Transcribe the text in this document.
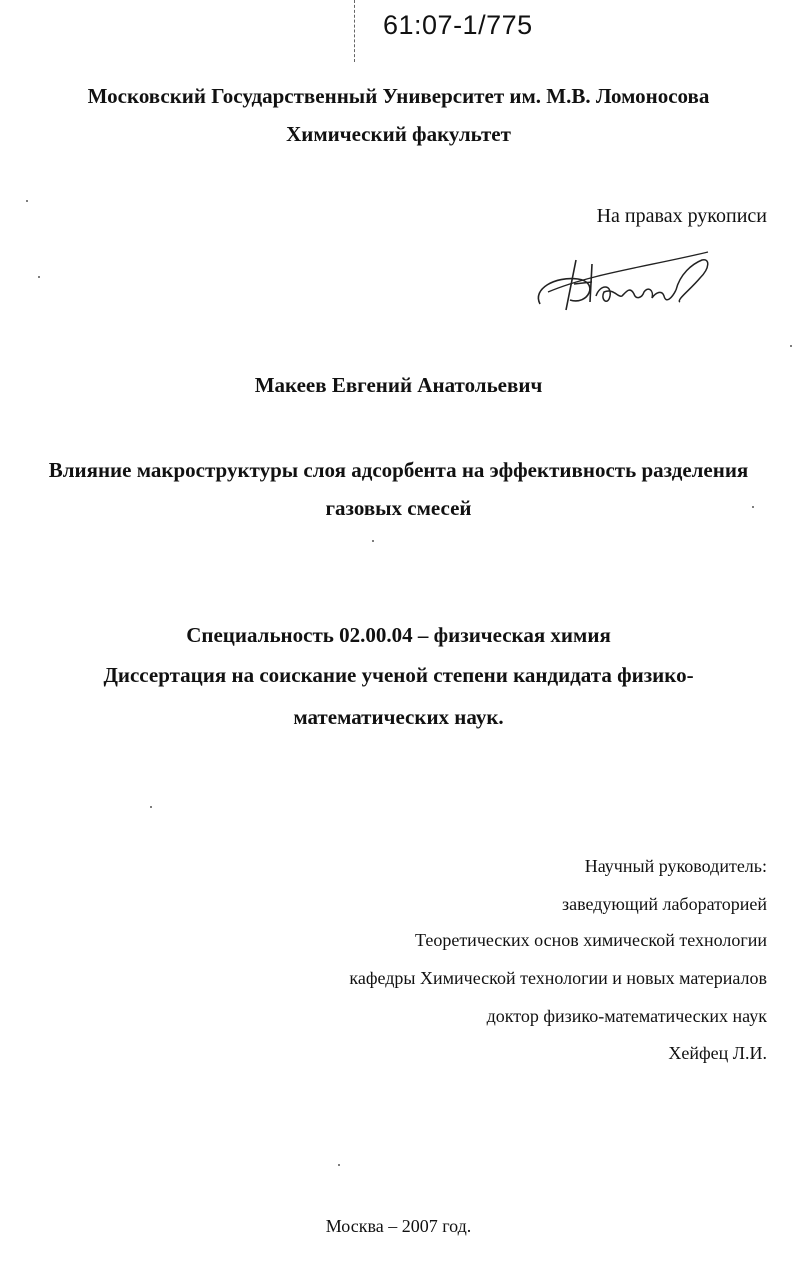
61:07-1/775
Московский Государственный Университет им. М.В. Ломоносова
Химический факультет
На правах рукописи
Макеев Евгений Анатольевич
Влияние макроструктуры слоя адсорбента на эффективность разделения
газовых смесей
Специальность 02.00.04 – физическая химия
Диссертация на соискание ученой степени кандидата физико-
математических наук.
Научный руководитель:
заведующий лабораторией
Теоретических основ химической технологии
кафедры Химической технологии и новых материалов
доктор физико-математических наук
Хейфец Л.И.
Москва – 2007 год.
